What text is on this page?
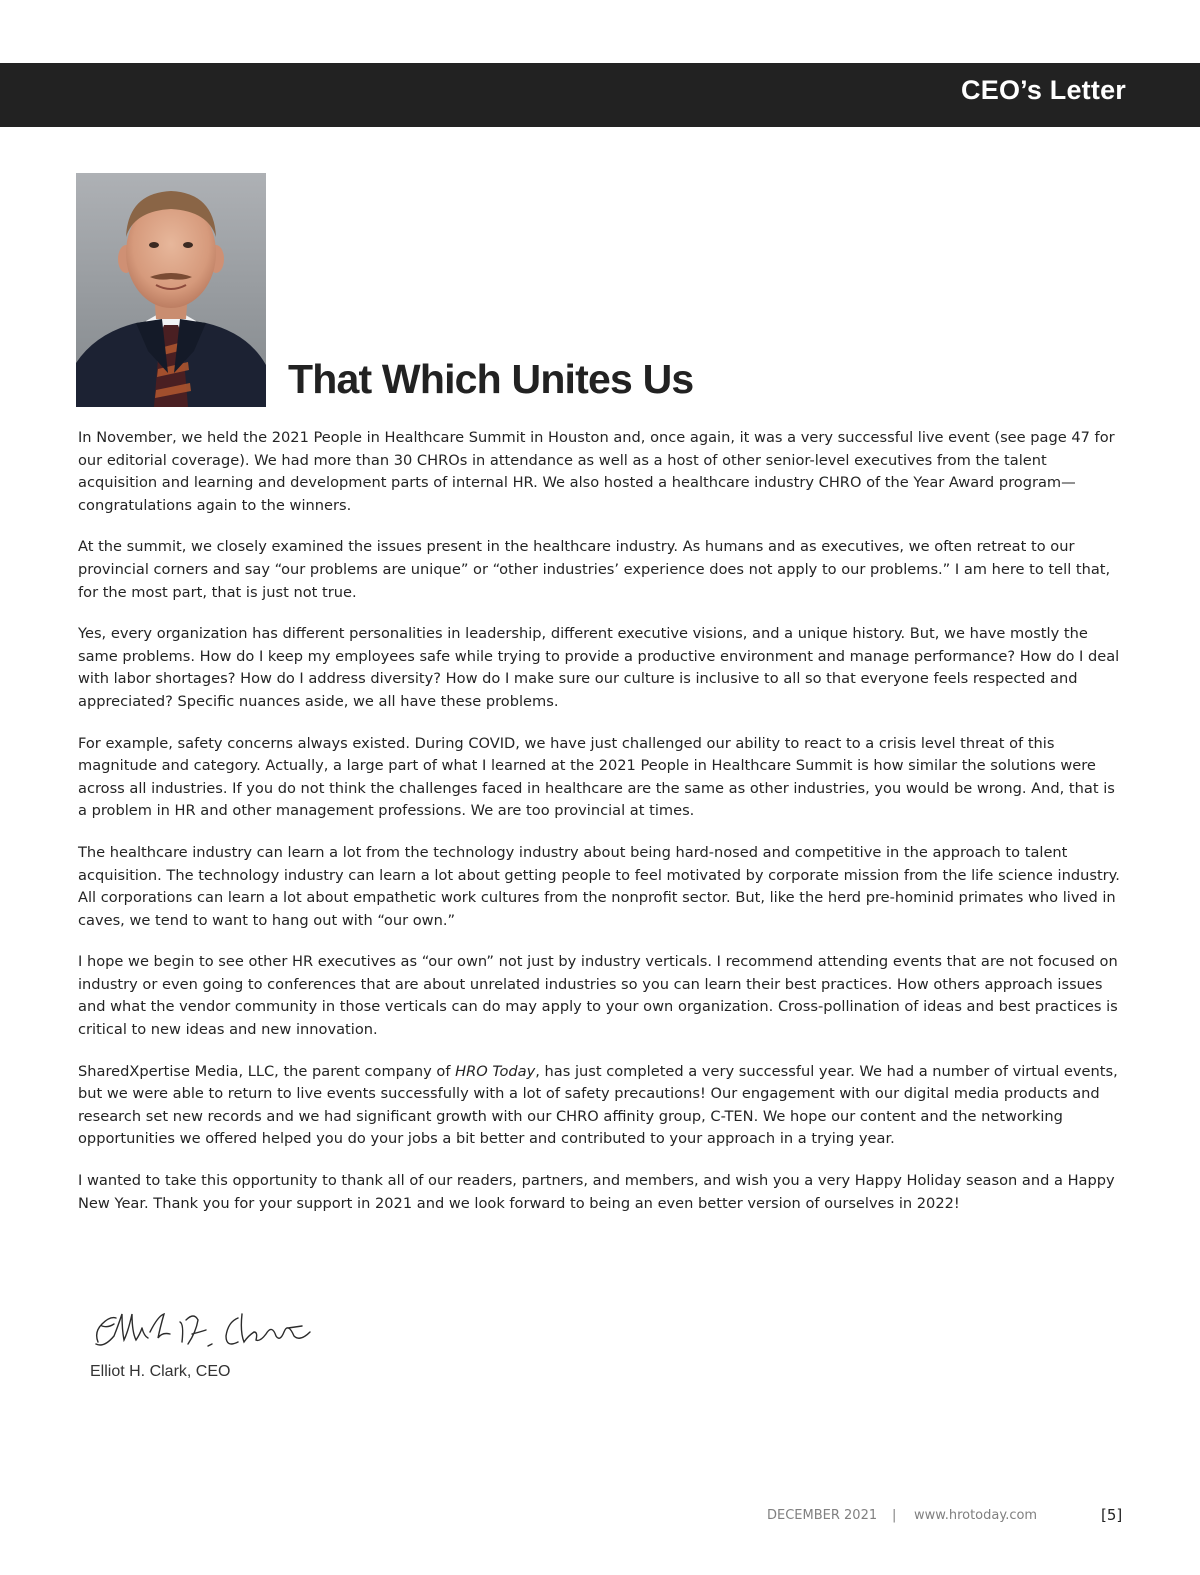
CEO’s Letter
That Which Unites Us

In November, we held the 2021 People in Healthcare Summit in Houston and, once again, it was a very successful live event (see page 47 for our editorial coverage). We had more than 30 CHROs in attendance as well as a host of other senior-level executives from the talent acquisition and learning and development parts of internal HR. We also hosted a healthcare industry CHRO of the Year Award program—congratulations again to the winners.

At the summit, we closely examined the issues present in the healthcare industry. As humans and as executives, we often retreat to our provincial corners and say “our problems are unique” or “other industries’ experience does not apply to our problems.” I am here to tell that, for the most part, that is just not true.

Yes, every organization has different personalities in leadership, different executive visions, and a unique history. But, we have mostly the same problems. How do I keep my employees safe while trying to provide a productive environment and manage performance? How do I deal with labor shortages? How do I address diversity? How do I make sure our culture is inclusive to all so that everyone feels respected and appreciated? Specific nuances aside, we all have these problems.

For example, safety concerns always existed. During COVID, we have just challenged our ability to react to a crisis level threat of this magnitude and category. Actually, a large part of what I learned at the 2021 People in Healthcare Summit is how similar the solutions were across all industries. If you do not think the challenges faced in healthcare are the same as other industries, you would be wrong. And, that is a problem in HR and other management professions. We are too provincial at times.

The healthcare industry can learn a lot from the technology industry about being hard-nosed and competitive in the approach to talent acquisition. The technology industry can learn a lot about getting people to feel motivated by corporate mission from the life science industry. All corporations can learn a lot about empathetic work cultures from the nonprofit sector. But, like the herd pre-hominid primates who lived in caves, we tend to want to hang out with “our own.”

I hope we begin to see other HR executives as “our own” not just by industry verticals. I recommend attending events that are not focused on industry or even going to conferences that are about unrelated industries so you can learn their best practices. How others approach issues and what the vendor community in those verticals can do may apply to your own organization. Cross-pollination of ideas and best practices is critical to new ideas and new innovation.

SharedXpertise Media, LLC, the parent company of HRO Today, has just completed a very successful year. We had a number of virtual events, but we were able to return to live events successfully with a lot of safety precautions! Our engagement with our digital media products and research set new records and we had significant growth with our CHRO affinity group, C-TEN. We hope our content and the networking opportunities we offered helped you do your jobs a bit better and contributed to your approach in a trying year.

I wanted to take this opportunity to thank all of our readers, partners, and members, and wish you a very Happy Holiday season and a Happy New Year. Thank you for your support in 2021 and we look forward to being an even better version of ourselves in 2022!

Elliot H. Clark, CEO
DECEMBER 2021 | www.hrotoday.com	[5]
